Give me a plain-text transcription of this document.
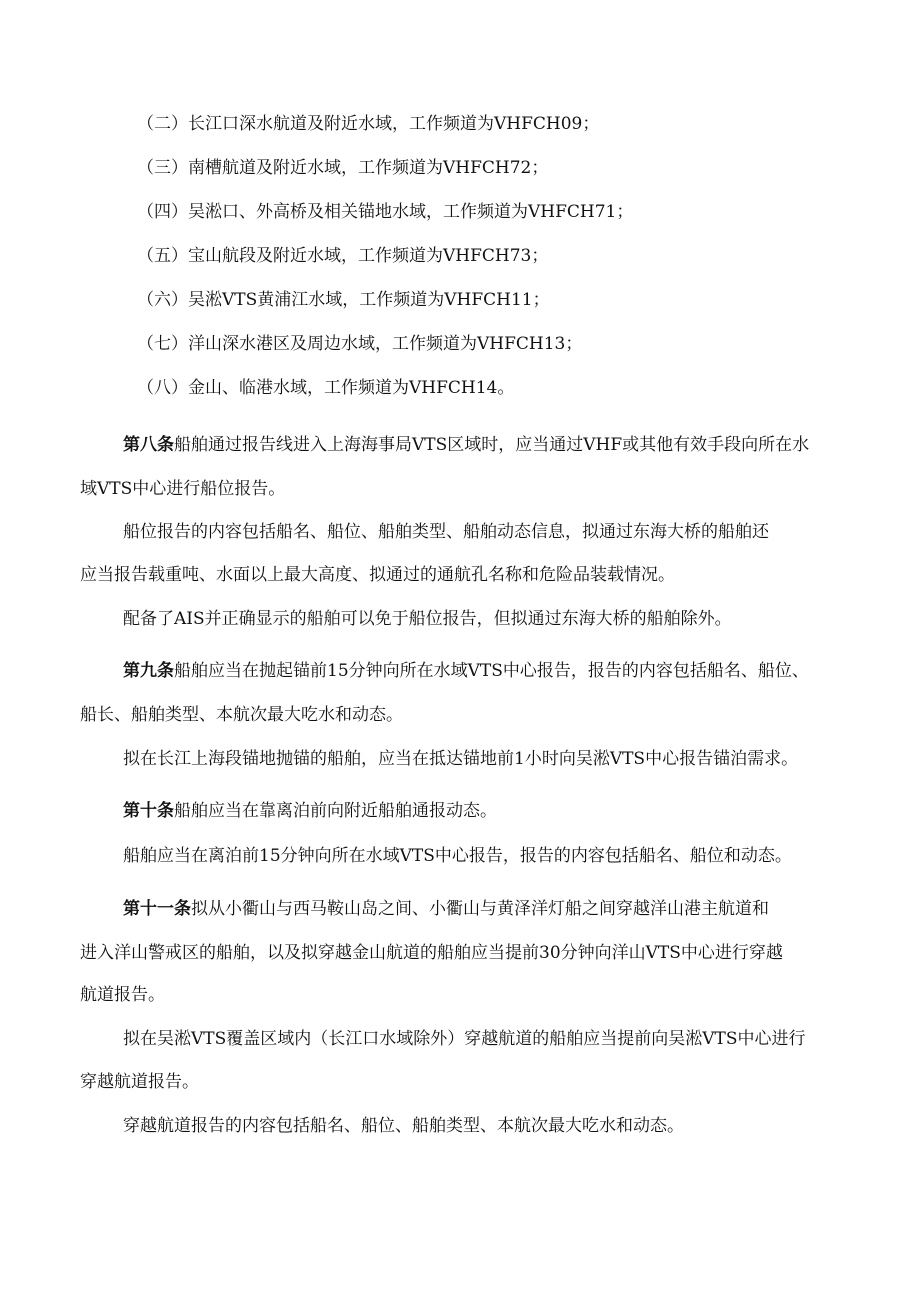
（二）长江口深水航道及附近水域，工作频道为VHFCH09；
（三）南槽航道及附近水域，工作频道为VHFCH72；
（四）吴淞口、外高桥及相关锚地水域，工作频道为VHFCH71；
（五）宝山航段及附近水域，工作频道为VHFCH73；
（六）吴淞VTS黄浦江水域，工作频道为VHFCH11；
（七）洋山深水港区及周边水域，工作频道为VHFCH13；
（八）金山、临港水域，工作频道为VHFCH14。
第八条船舶通过报告线进入上海海事局VTS区域时，应当通过VHF或其他有效手段向所在水
域VTS中心进行船位报告。
船位报告的内容包括船名、船位、船舶类型、船舶动态信息，拟通过东海大桥的船舶还
应当报告载重吨、水面以上最大高度、拟通过的通航孔名称和危险品装载情况。
配备了AIS并正确显示的船舶可以免于船位报告，但拟通过东海大桥的船舶除外。
第九条船舶应当在抛起锚前15分钟向所在水域VTS中心报告，报告的内容包括船名、船位、
船长、船舶类型、本航次最大吃水和动态。
拟在长江上海段锚地抛锚的船舶，应当在抵达锚地前1小时向吴淞VTS中心报告锚泊需求。
第十条船舶应当在靠离泊前向附近船舶通报动态。
船舶应当在离泊前15分钟向所在水域VTS中心报告，报告的内容包括船名、船位和动态。
第十一条拟从小衢山与西马鞍山岛之间、小衢山与黄泽洋灯船之间穿越洋山港主航道和
进入洋山警戒区的船舶，以及拟穿越金山航道的船舶应当提前30分钟向洋山VTS中心进行穿越
航道报告。
拟在吴淞VTS覆盖区域内（长江口水域除外）穿越航道的船舶应当提前向吴淞VTS中心进行
穿越航道报告。
穿越航道报告的内容包括船名、船位、船舶类型、本航次最大吃水和动态。
